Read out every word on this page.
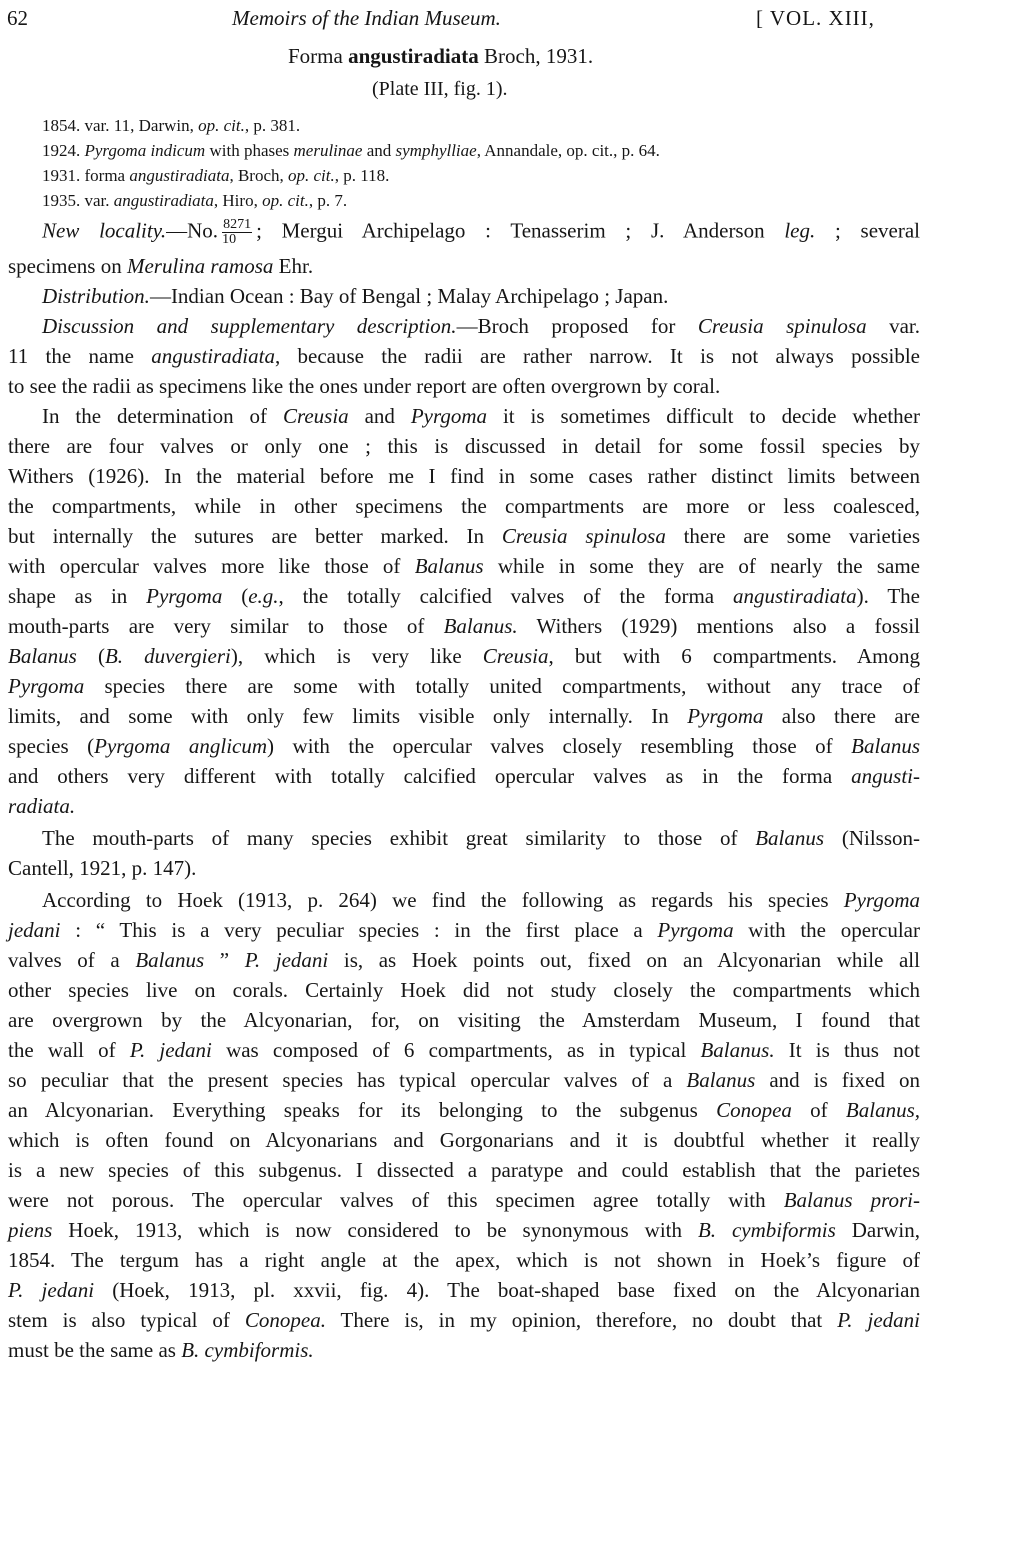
62	Memoirs of the Indian Museum.	[ VOL. XIII,
Forma angustiradiata Broch, 1931.
(Plate III, fig. 1).
1854. var. 11, Darwin, op. cit., p. 381.
1924. Pyrgoma indicum with phases merulinae and symphylliae, Annandale, op. cit., p. 64.
1931. forma angustiradiata, Broch, op. cit., p. 118.
1935. var. angustiradiata, Hiro, op. cit., p. 7.
New locality.—No. $\frac{8271}{10}$ ; Mergui Archipelago : Tenasserim ; J. Anderson leg. ; several
specimens on Merulina ramosa Ehr.
Distribution.—Indian Ocean : Bay of Bengal ; Malay Archipelago ; Japan.
Discussion and supplementary description.—Broch proposed for Creusia spinulosa var.
11 the name angustiradiata, because the radii are rather narrow. It is not always possible
to see the radii as specimens like the ones under report are often overgrown by coral.
In the determination of Creusia and Pyrgoma it is sometimes difficult to decide whether
there are four valves or only one ; this is discussed in detail for some fossil species by
Withers (1926). In the material before me I find in some cases rather distinct limits between
the compartments, while in other specimens the compartments are more or less coalesced,
but internally the sutures are better marked. In Creusia spinulosa there are some varieties
with opercular valves more like those of Balanus while in some they are of nearly the same
shape as in Pyrgoma (e.g., the totally calcified valves of the forma angustiradiata). The
mouth-parts are very similar to those of Balanus. Withers (1929) mentions also a fossil
Balanus (B. duvergieri), which is very like Creusia, but with 6 compartments. Among
Pyrgoma species there are some with totally united compartments, without any trace of
limits, and some with only few limits visible only internally. In Pyrgoma also there are
species (Pyrgoma anglicum) with the opercular valves closely resembling those of Balanus
and others very different with totally calcified opercular valves as in the forma angusti-
radiata.
The mouth-parts of many species exhibit great similarity to those of Balanus (Nilsson-
Cantell, 1921, p. 147).
According to Hoek (1913, p. 264) we find the following as regards his species Pyrgoma
jedani : “ This is a very peculiar species : in the first place a Pyrgoma with the opercular
valves of a Balanus ” P. jedani is, as Hoek points out, fixed on an Alcyonarian while all
other species live on corals. Certainly Hoek did not study closely the compartments which
are overgrown by the Alcyonarian, for, on visiting the Amsterdam Museum, I found that
the wall of P. jedani was composed of 6 compartments, as in typical Balanus. It is thus not
so peculiar that the present species has typical opercular valves of a Balanus and is fixed on
an Alcyonarian. Everything speaks for its belonging to the subgenus Conopea of Balanus,
which is often found on Alcyonarians and Gorgonarians and it is doubtful whether it really
is a new species of this subgenus. I dissected a paratype and could establish that the parietes
were not porous. The opercular valves of this specimen agree totally with Balanus prori-
piens Hoek, 1913, which is now considered to be synonymous with B. cymbiformis Darwin,
1854. The tergum has a right angle at the apex, which is not shown in Hoek’s figure of
P. jedani (Hoek, 1913, pl. xxvii, fig. 4). The boat-shaped base fixed on the Alcyonarian
stem is also typical of Conopea. There is, in my opinion, therefore, no doubt that P. jedani
must be the same as B. cymbiformis.
